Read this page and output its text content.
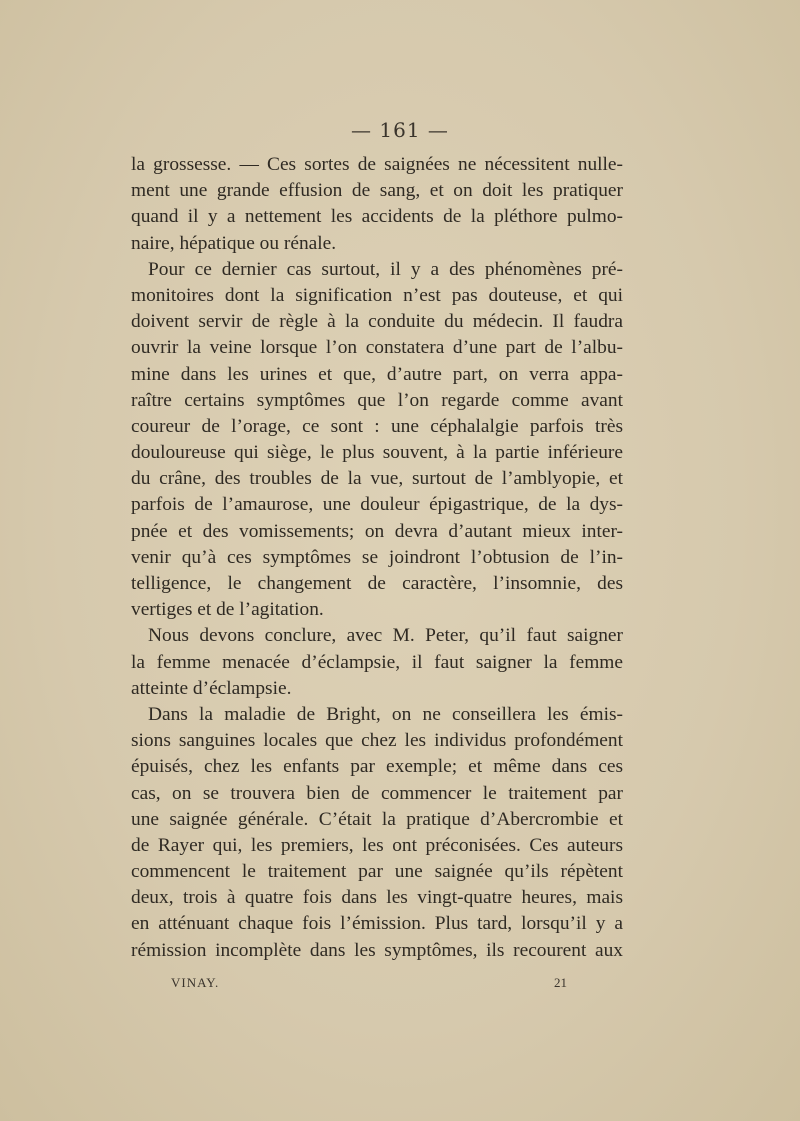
— 161 —
la grossesse. — Ces sortes de saignées ne nécessitent nulle-
ment une grande effusion de sang, et on doit les pratiquer
quand il y a nettement les accidents de la pléthore pulmo-
naire, hépatique ou rénale.
Pour ce dernier cas surtout, il y a des phénomènes pré-
monitoires dont la signification n’est pas douteuse, et qui
doivent servir de règle à la conduite du médecin. Il faudra
ouvrir la veine lorsque l’on constatera d’une part de l’albu-
mine dans les urines et que, d’autre part, on verra appa-
raître certains symptômes que l’on regarde comme avant
coureur de l’orage, ce sont : une céphalalgie parfois très
douloureuse qui siège, le plus souvent, à la partie inférieure
du crâne, des troubles de la vue, surtout de l’amblyopie, et
parfois de l’amaurose, une douleur épigastrique, de la dys-
pnée et des vomissements; on devra d’autant mieux inter-
venir qu’à ces symptômes se joindront l’obtusion de l’in-
telligence, le changement de caractère, l’insomnie, des
vertiges et de l’agitation.
Nous devons conclure, avec M. Peter, qu’il faut saigner
la femme menacée d’éclampsie, il faut saigner la femme
atteinte d’éclampsie.
Dans la maladie de Bright, on ne conseillera les émis-
sions sanguines locales que chez les individus profondément
épuisés, chez les enfants par exemple; et même dans ces
cas, on se trouvera bien de commencer le traitement par
une saignée générale. C’était la pratique d’Abercrombie et
de Rayer qui, les premiers, les ont préconisées. Ces auteurs
commencent le traitement par une saignée qu’ils répètent
deux, trois à quatre fois dans les vingt-quatre heures, mais
en atténuant chaque fois l’émission. Plus tard, lorsqu’il y a
rémission incomplète dans les symptômes, ils recourent aux
VINAY.	21
